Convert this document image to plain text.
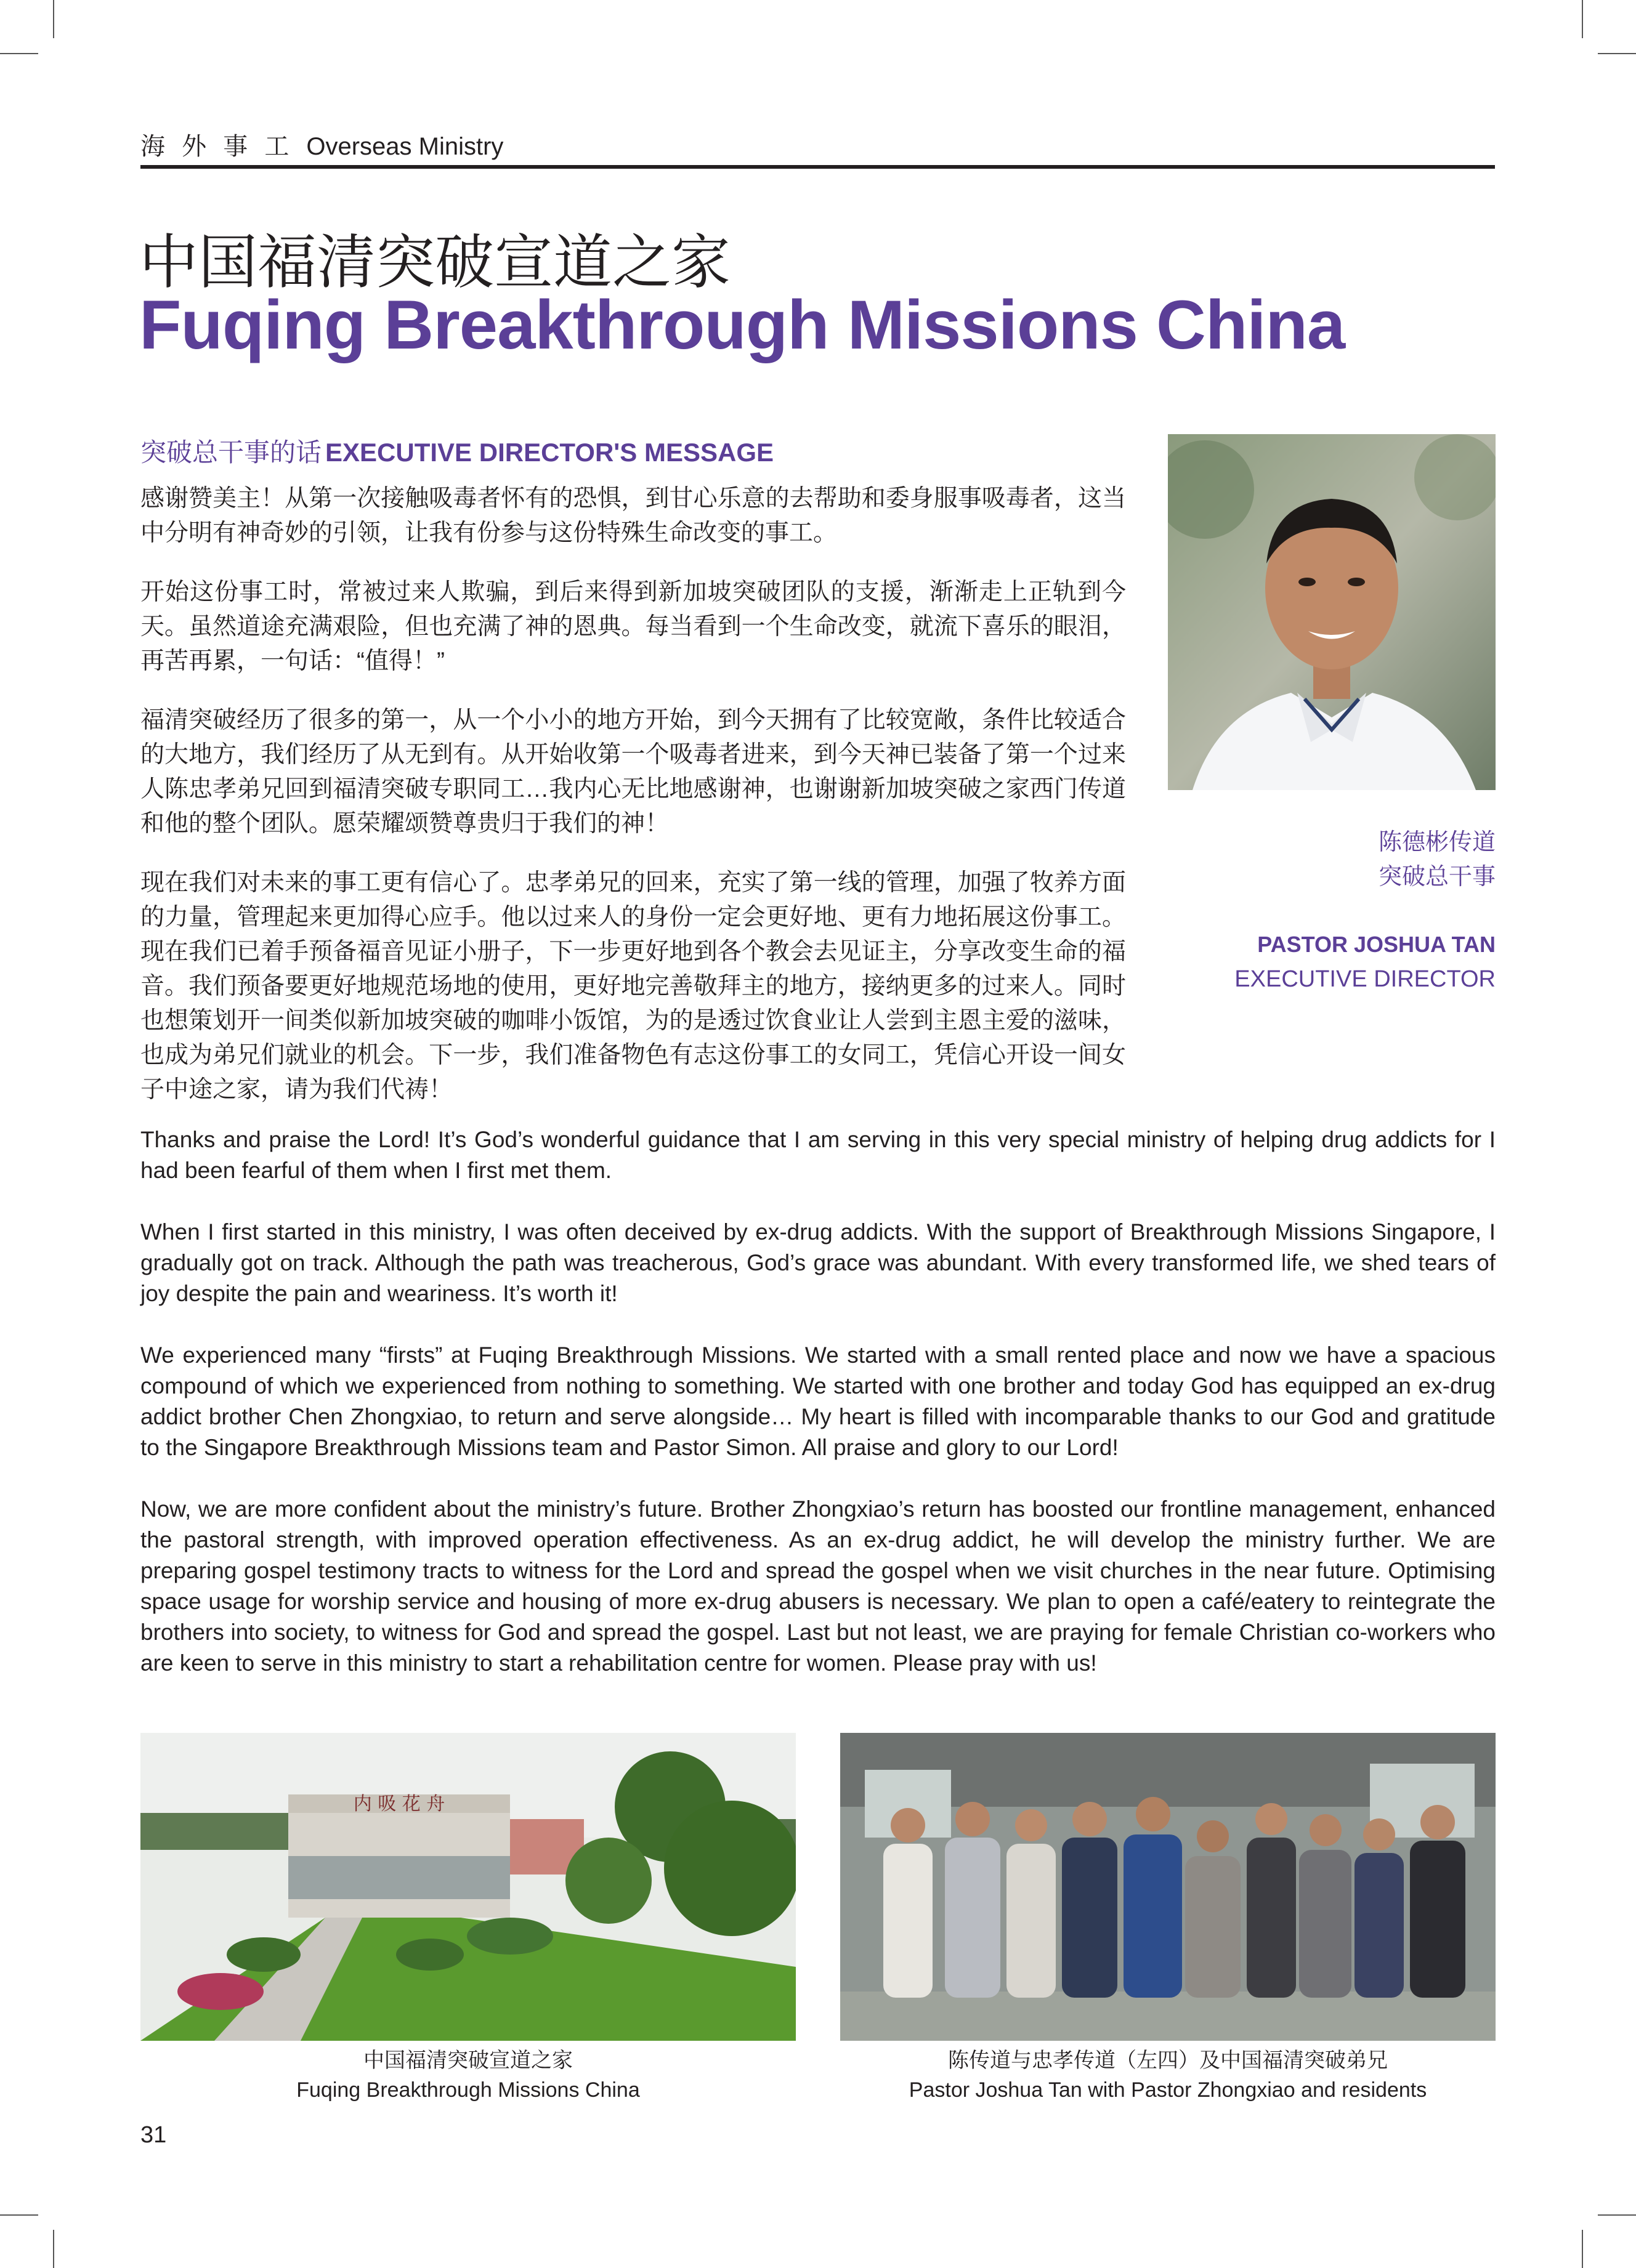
海 外 事 工 Overseas Ministry
中国福清突破宣道之家
Fuqing Breakthrough Missions China
突破总干事的话 EXECUTIVE DIRECTOR'S MESSAGE

感谢赞美主！从第一次接触吸毒者怀有的恐惧，到甘心乐意的去帮助和委身服事吸毒者，这当中分明有神奇妙的引领，让我有份参与这份特殊生命改变的事工。

开始这份事工时，常被过来人欺骗，到后来得到新加坡突破团队的支援，渐渐走上正轨到今天。虽然道途充满艰险，但也充满了神的恩典。每当看到一个生命改变，就流下喜乐的眼泪，再苦再累，一句话：“值得！”

福清突破经历了很多的第一，从一个小小的地方开始，到今天拥有了比较宽敞，条件比较适合的大地方，我们经历了从无到有。从开始收第一个吸毒者进来，到今天神已装备了第一个过来人陈忠孝弟兄回到福清突破专职同工…我内心无比地感谢神，也谢谢新加坡突破之家西门传道和他的整个团队。愿荣耀颂赞尊贵归于我们的神！

现在我们对未来的事工更有信心了。忠孝弟兄的回来，充实了第一线的管理，加强了牧养方面的力量，管理起来更加得心应手。他以过来人的身份一定会更好地、更有力地拓展这份事工。现在我们已着手预备福音见证小册子，下一步更好地到各个教会去见证主，分享改变生命的福音。我们预备要更好地规范场地的使用，更好地完善敬拜主的地方，接纳更多的过来人。同时也想策划开一间类似新加坡突破的咖啡小饭馆，为的是透过饮食业让人尝到主恩主爱的滋味，也成为弟兄们就业的机会。下一步，我们准备物色有志这份事工的女同工，凭信心开设一间女子中途之家，请为我们代祷！

陈德彬传道
突破总干事
PASTOR JOSHUA TAN
EXECUTIVE DIRECTOR

Thanks and praise the Lord! It’s God’s wonderful guidance that I am serving in this very special ministry of helping drug addicts for I had been fearful of them when I first met them.

When I first started in this ministry, I was often deceived by ex-drug addicts. With the support of Breakthrough Missions Singapore, I gradually got on track. Although the path was treacherous, God’s grace was abundant. With every transformed life, we shed tears of joy despite the pain and weariness. It’s worth it!

We experienced many “firsts” at Fuqing Breakthrough Missions. We started with a small rented place and now we have a spacious compound of which we experienced from nothing to something. We started with one brother and today God has equipped an ex-drug addict brother Chen Zhongxiao, to return and serve alongside… My heart is filled with incomparable thanks to our God and gratitude to the Singapore Breakthrough Missions team and Pastor Simon. All praise and glory to our Lord!

Now, we are more confident about the ministry’s future. Brother Zhongxiao’s return has boosted our frontline management, enhanced the pastoral strength, with improved operation effectiveness. As an ex-drug addict, he will develop the ministry further. We are preparing gospel testimony tracts to witness for the Lord and spread the gospel when we visit churches in the near future. Optimising space usage for worship service and housing of more ex-drug abusers is necessary. We plan to open a café/eatery to reintegrate the brothers into society, to witness for God and spread the gospel. Last but not least, we are praying for female Christian co-workers who are keen to serve in this ministry to start a rehabilitation centre for women. Please pray with us!

内 吸 花 舟
中国福清突破宣道之家
Fuqing Breakthrough Missions China
陈传道与忠孝传道（左四）及中国福清突破弟兄
Pastor Joshua Tan with Pastor Zhongxiao and residents
31
